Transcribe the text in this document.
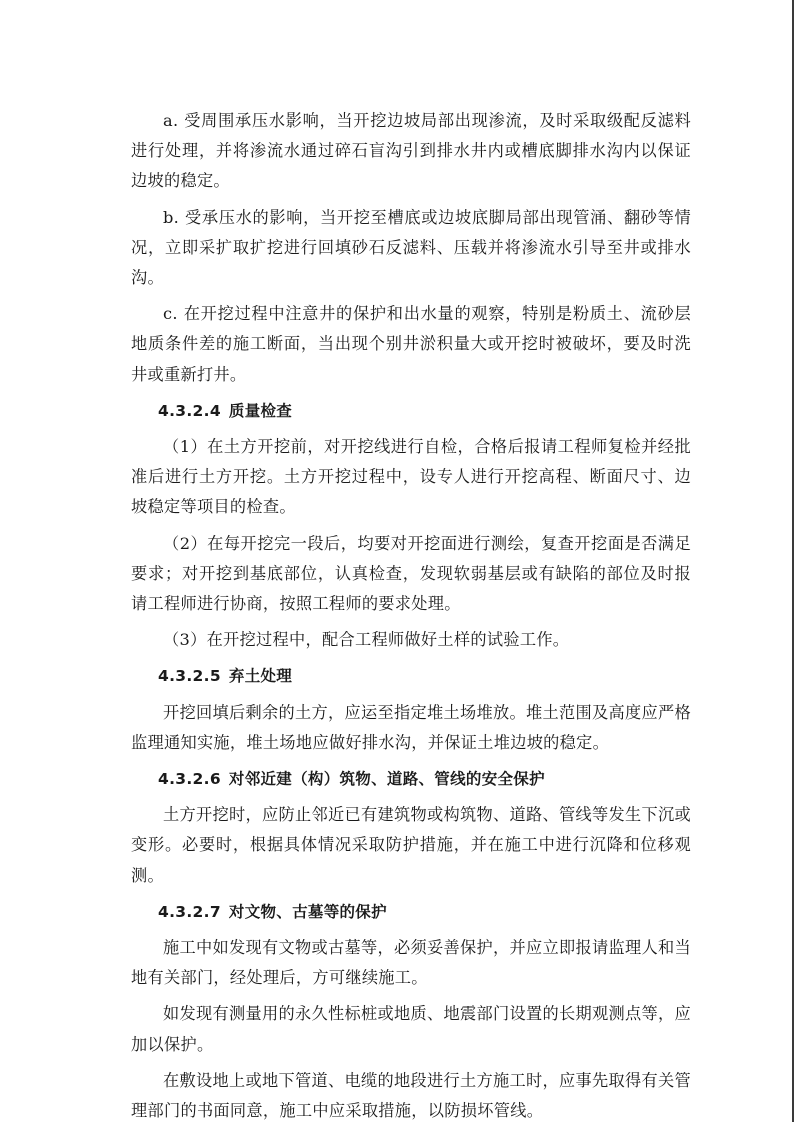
a. 受周围承压水影响，当开挖边坡局部出现渗流，及时采取级配反滤料进行处理，并将渗流水通过碎石盲沟引到排水井内或槽底脚排水沟内以保证边坡的稳定。

b. 受承压水的影响，当开挖至槽底或边坡底脚局部出现管涌、翻砂等情况，立即采扩取扩挖进行回填砂石反滤料、压载并将渗流水引导至井或排水沟。

c. 在开挖过程中注意井的保护和出水量的观察，特别是粉质土、流砂层地质条件差的施工断面，当出现个别井淤积量大或开挖时被破坏，要及时洗井或重新打井。

4.3.2.4 质量检查

（1）在土方开挖前，对开挖线进行自检，合格后报请工程师复检并经批准后进行土方开挖。土方开挖过程中，设专人进行开挖高程、断面尺寸、边坡稳定等项目的检查。

（2）在每开挖完一段后，均要对开挖面进行测绘，复查开挖面是否满足要求；对开挖到基底部位，认真检查，发现软弱基层或有缺陷的部位及时报请工程师进行协商，按照工程师的要求处理。

（3）在开挖过程中，配合工程师做好土样的试验工作。

4.3.2.5 弃土处理

开挖回填后剩余的土方，应运至指定堆土场堆放。堆土范围及高度应严格监理通知实施，堆土场地应做好排水沟，并保证土堆边坡的稳定。

4.3.2.6 对邻近建（构）筑物、道路、管线的安全保护

土方开挖时，应防止邻近已有建筑物或构筑物、道路、管线等发生下沉或变形。必要时，根据具体情况采取防护措施，并在施工中进行沉降和位移观测。

4.3.2.7 对文物、古墓等的保护

施工中如发现有文物或古墓等，必须妥善保护，并应立即报请监理人和当地有关部门，经处理后，方可继续施工。

如发现有测量用的永久性标桩或地质、地震部门设置的长期观测点等，应加以保护。

在敷设地上或地下管道、电缆的地段进行土方施工时，应事先取得有关管理部门的书面同意，施工中应采取措施，以防损坏管线。
